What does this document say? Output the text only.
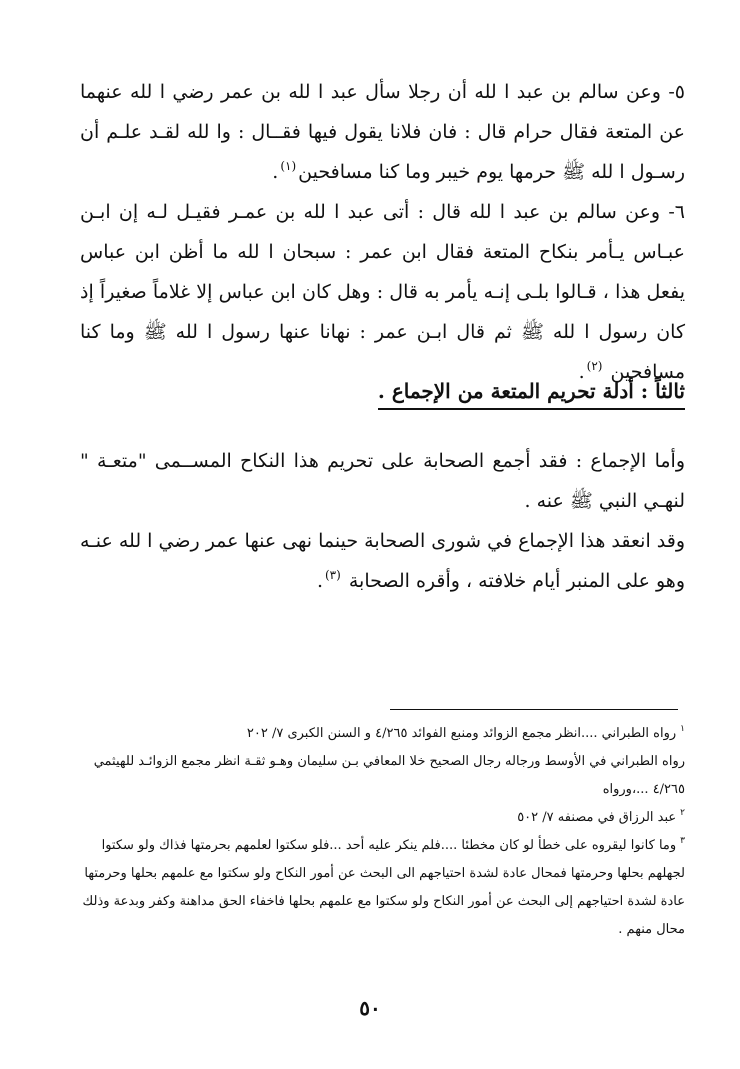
٥- وعن سالم بن عبد ا لله أن رجلا سأل عبد ا لله بن عمر رضي ا لله عنهما عن المتعة فقال حرام قال : فان فلانا يقول فيها فقــال : وا لله لقـد علـم أن رسـول ا لله ﷺ حرمها يوم خيبر وما كنا مسافحين$^{(١)}$.

٦- وعن سالم بن عبد ا لله قال : أتى عبد ا لله بن عمـر فقيـل لـه إن ابـن عبـاس يـأمر بنكاح المتعة فقال ابن عمر : سبحان ا لله ما أظن ابن عباس يفعل هذا ، قـالوا بلـى إنـه يأمر به قال : وهل كان ابن عباس إلا غلاماً صغيراً إذ كان رسول ا لله ﷺ ثم قال ابـن عمر : نهانا عنها رسول ا لله ﷺ وما كنا مسافحين $^{(٢)}$.

ثالثاً : أدلة تحريم المتعة من الإجماع .

وأما الإجماع : فقد أجمع الصحابة على تحريم هذا النكاح المســمى "متعـة " لنهـي النبي ﷺ عنه .

وقد انعقد هذا الإجماع في شورى الصحابة حينما نهى عنها عمر رضي ا لله عنـه وهو على المنبر أيام خلافته ، وأقره الصحابة $^{(٣)}$.

$^١$رواه الطبراني ....انظر مجمع الزوائد ومنبع الفوائد ٤/٢٦٥ و السنن الكبرى ٧/ ٢٠٢

رواه الطبراني في الأوسط ورجاله رجال الصحيح خلا المعافي بـن سليمان وهـو ثقـة انظر مجمع الزوائـد للهيثمي ٤/٢٦٥ ...،ورواه

$^٢$عبد الرزاق في مصنفه ٧/ ٥٠٢

$^٣$وما كانوا ليقروه على خطأ لو كان مخطئا ....فلم ينكر عليه أحد ...فلو سكتوا لعلمهم بحرمتها فذاك ولو سكتوا لجهلهم بحلها وحرمتها فمحال عادة لشدة احتياجهم الى البحث عن أمور النكاح ولو سكتوا مع علمهم بحلها وحرمتها عادة لشدة احتياجهم إلى البحث عن أمور النكاح ولو سكتوا مع علمهم بحلها فاخفاء الحق مداهنة وكفر وبدعة وذلك محال منهم .

٥٠
